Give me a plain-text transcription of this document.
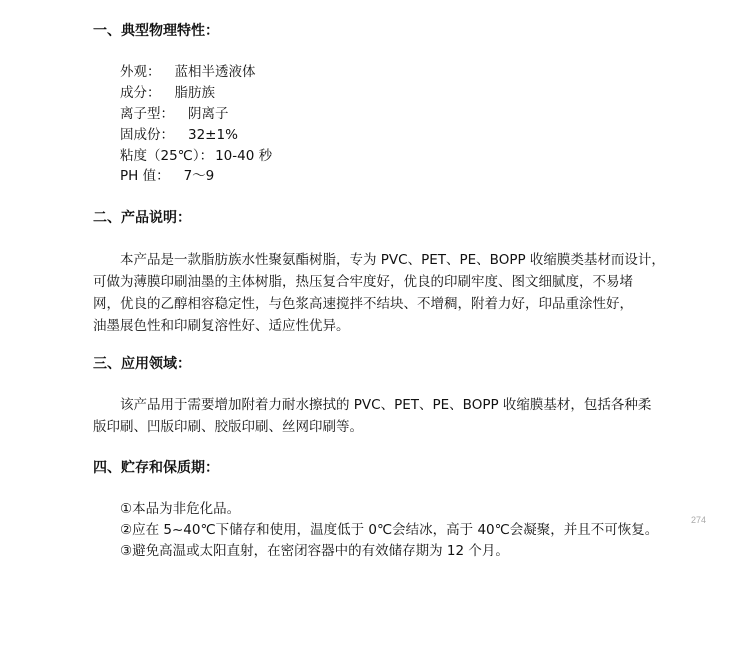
一、典型物理特性：
外观： 蓝相半透液体
成分： 脂肪族
离子型： 阴离子
固成份： 32±1%
粘度（25℃）： 10-40 秒
PH 值： 7～9
二、产品说明：
本产品是一款脂肪族水性聚氨酯树脂，专为 PVC、PET、PE、BOPP 收缩膜类基材而设计，
可做为薄膜印刷油墨的主体树脂，热压复合牢度好，优良的印刷牢度、图文细腻度，不易堵
网，优良的乙醇相容稳定性，与色浆高速搅拌不结块、不增稠，附着力好，印品重涂性好，
油墨展色性和印刷复溶性好、适应性优异。
三、应用领域：
该产品用于需要增加附着力耐水擦拭的 PVC、PET、PE、BOPP 收缩膜基材，包括各种柔
版印刷、凹版印刷、胶版印刷、丝网印刷等。
四、贮存和保质期：
①本品为非危化品。
②应在 5~40℃下储存和使用，温度低于 0℃会结冰，高于 40℃会凝聚，并且不可恢复。
③避免高温或太阳直射，在密闭容器中的有效储存期为 12 个月。
274
